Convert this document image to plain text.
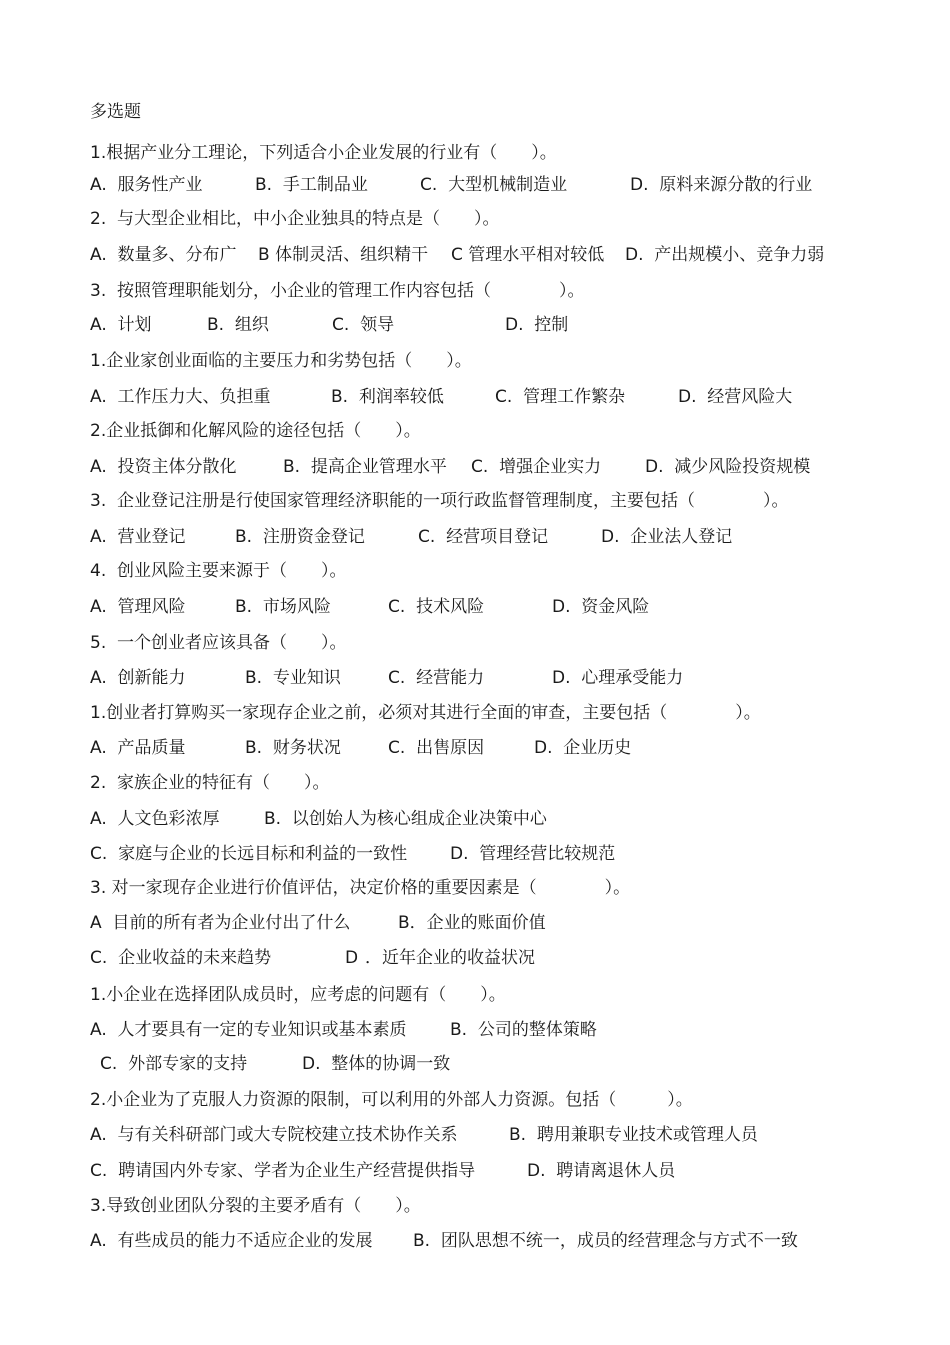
多选题
1.根据产业分工理论，下列适合小企业发展的行业有（　　）。
A.  服务性产业	B.  手工制品业	C.  大型机械制造业	D.  原料来源分散的行业
2.  与大型企业相比，中小企业独具的特点是（　　）。
A.  数量多、分布广 B 体制灵活、组织精干 C 管理水平相对较低 D.  产出规模小、竞争力弱
3.  按照管理职能划分，小企业的管理工作内容包括（　　　　）。
A.  计划	B.  组织	C.  领导	D.  控制
1.企业家创业面临的主要压力和劣势包括（　　）。
A.  工作压力大、负担重	B.  利润率较低	C.  管理工作繁杂	D.  经营风险大
2.企业抵御和化解风险的途径包括（　　）。
A.  投资主体分散化	B.  提高企业管理水平 C.  增强企业实力	D.  减少风险投资规模
3.  企业登记注册是行使国家管理经济职能的一项行政监督管理制度，主要包括（　　　　）。
A.  营业登记	B.  注册资金登记	C.  经营项目登记	D.  企业法人登记
4.  创业风险主要来源于（　　）。
A.  管理风险	B.  市场风险	C.  技术风险	D.  资金风险
5.  一个创业者应该具备（　　）。
A.  创新能力	B.  专业知识	C.  经营能力	D.  心理承受能力
1.创业者打算购买一家现存企业之前，必须对其进行全面的审查，主要包括（　　　　）。
A.  产品质量	B.  财务状况	C.  出售原因	D.  企业历史
2.  家族企业的特征有（　　）。
A.  人文色彩浓厚	B.  以创始人为核心组成企业决策中心
C.  家庭与企业的长远目标和利益的一致性	D.  管理经营比较规范
3. 对一家现存企业进行价值评估，决定价格的重要因素是（　　　　）。
A  目前的所有者为企业付出了什么	B．企业的账面价值
C.  企业收益的未来趋势	D ．近年企业的收益状况
1.小企业在选择团队成员时，应考虑的问题有（　　）。
A.  人才要具有一定的专业知识或基本素质	B.  公司的整体策略
C.  外部专家的支持	D.  整体的协调一致
2.小企业为了克服人力资源的限制，可以利用的外部人力资源。包括（　　　）。
A.  与有关科研部门或大专院校建立技术协作关系	B.  聘用兼职专业技术或管理人员
C.  聘请国内外专家、学者为企业生产经营提供指导	D.  聘请离退休人员
3.导致创业团队分裂的主要矛盾有（　　）。
A.  有些成员的能力不适应企业的发展 B.  团队思想不统一，成员的经营理念与方式不一致
